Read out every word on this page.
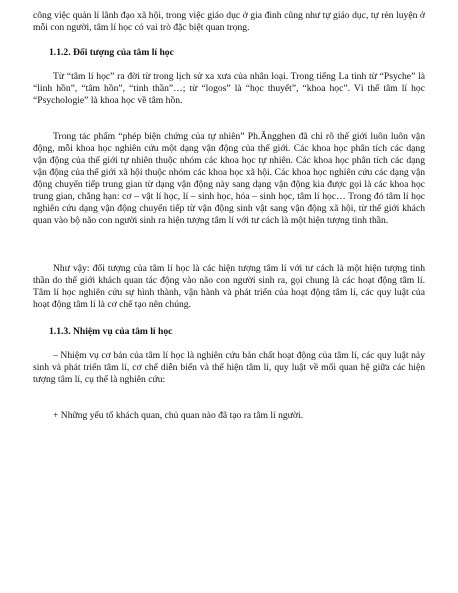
công việc quản lí lãnh đạo xã hội, trong việc giáo dục ở gia đình cũng như tự giáo dục, tự rèn luyện ở mỗi con người, tâm lí học có vai trò đặc biệt quan trọng.

1.1.2. Đối tượng của tâm lí học

Từ “tâm lí học” ra đời từ trong lịch sử xa xưa của nhân loại. Trong tiếng La tinh từ “Psyche” là “linh hồn”, “tâm hồn”, “tinh thần”…; từ “logos” là “học thuyết”, “khoa học”. Vì thế tâm lí học “Psychologie” là khoa học về tâm hồn.

Trong tác phẩm “phép biện chứng của tự nhiên” Ph.Ăngghen đã chỉ rõ thế giới luôn luôn vận động, mỗi khoa học nghiên cứu một dạng vận động của thế giới. Các khoa học phân tích các dạng vận động của thế giới tự nhiên thuộc nhóm các khoa học tự nhiên. Các khoa học phân tích các dạng vận động của thế giới xã hội thuộc nhóm các khoa học xã hội. Các khoa học nghiên cứu các dạng vận động chuyển tiếp trung gian từ dạng vận động này sang dạng vận động kia được gọi là các khoa học trung gian, chẳng hạn: cơ – vật lí học, lí – sinh học, hóa – sinh học, tâm lí học… Trong đó tâm lí học nghiên cứu dạng vận động chuyển tiếp từ vận động sinh vật sang vận động xã hội, từ thế giới khách quan vào bộ não con người sinh ra hiện tượng tâm lí với tư cách là một hiện tượng tinh thần.

Như vậy: đối tượng của tâm lí học là các hiện tượng tâm lí với tư cách là một hiện tượng tinh thần do thế giới khách quan tác động vào não con người sinh ra, gọi chung là các hoạt động tâm lí. Tâm lí học nghiên cứu sự hình thành, vận hành và phát triển của hoạt động tâm lí, các quy luật của hoạt động tâm lí là cơ chế tạo nên chúng.

1.1.3. Nhiệm vụ của tâm lí học

– Nhiệm vụ cơ bản của tâm lí học là nghiên cứu bản chất hoạt động của tâm lí, các quy luật nảy sinh và phát triển tâm lí, cơ chế diễn biến và thể hiện tâm lí, quy luật về mối quan hệ giữa các hiện tượng tâm lí, cụ thể là nghiên cứu:

+ Những yếu tố khách quan, chủ quan nào đã tạo ra tâm lí người.
